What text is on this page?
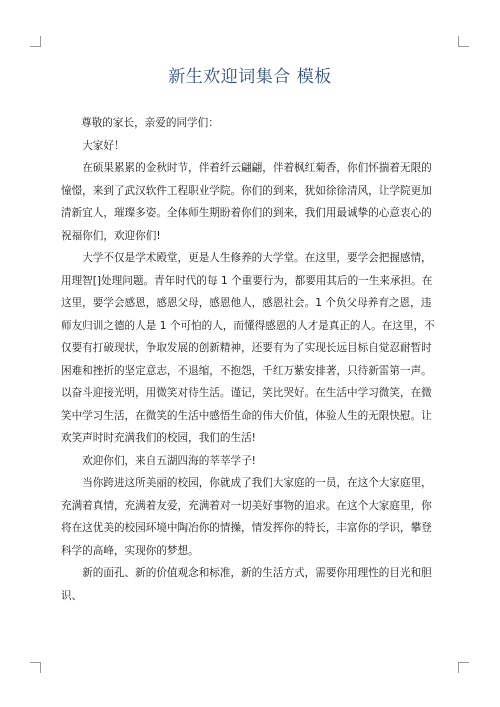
新生欢迎词集合 模板

尊敬的家长，亲爱的同学们：

大家好！

在硕果累累的金秋时节，伴着纤云翩翩，伴着枫红菊香，你们怀揣着无限的憧憬，来到了武汉软件工程职业学院。你们的到来，犹如徐徐清风，让学院更加清新宜人，璀璨多姿。全体师生期盼着你们的到来，我们用最诚挚的心意衷心的祝福你们，欢迎你们!

大学不仅是学术殿堂，更是人生修养的大学堂。在这里，要学会把握感情，用理智[]处理问题。青年时代的每 1 个重要行为，都要用其后的一生来承担。在这里，要学会感恩，感恩父母，感恩他人，感恩社会。1 个负父母养育之恩，违师友归训之德的人是 1 个可怕的人，而懂得感恩的人才是真正的人。在这里，不仅要有打破现状，争取发展的创新精神，还要有为了实现长远目标自觉忍耐暂时困难和挫折的坚定意志，不退缩，不抱怨，千红万紫安排著，只待新雷第一声。以奋斗迎接光明，用微笑对待生活。谨记，笑比哭好。在生活中学习微笑，在微笑中学习生活，在微笑的生活中感悟生命的伟大价值，体验人生的无限快慰。让欢笑声时时充满我们的校园，我们的生活!

欢迎你们，来自五湖四海的莘莘学子!

当你跨进这所美丽的校园，你就成了我们大家庭的一员，在这个大家庭里，充满着真情，充满着友爱，充满着对一切美好事物的追求。在这个大家庭里，你将在这优美的校园环境中陶冶你的情操，情发挥你的特长，丰富你的学识，攀登科学的高峰，实现你的梦想。

新的面孔、新的价值观念和标准，新的生活方式，需要你用理性的目光和胆识、
